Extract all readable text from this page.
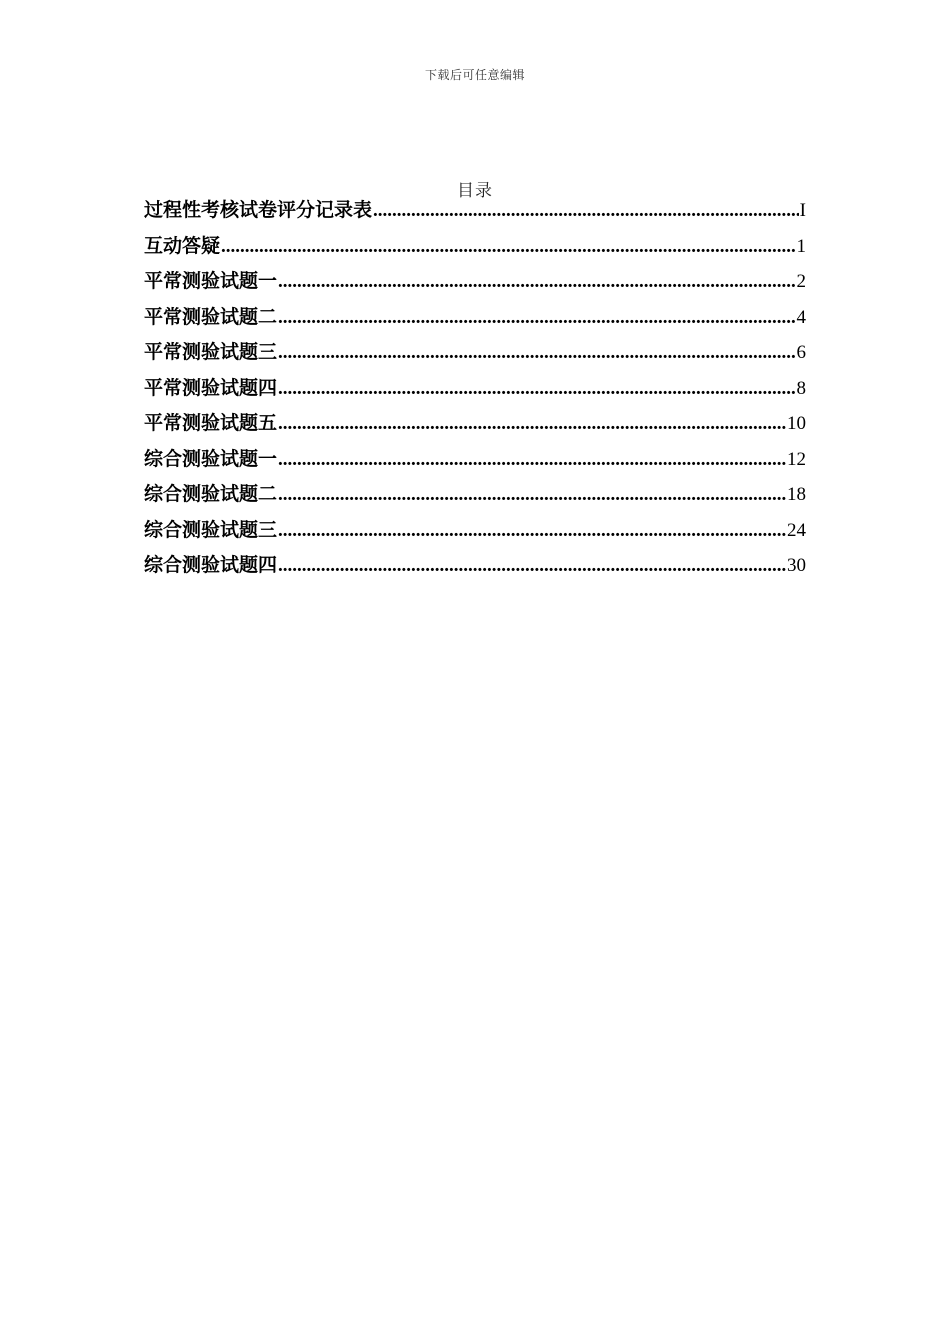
下载后可任意编辑
目录
过程性考核试卷评分记录表 .....	I
互动答疑 .....	1
平常测验试题一 .....	2
平常测验试题二 .....	4
平常测验试题三 .....	6
平常测验试题四 .....	8
平常测验试题五 .....	10
综合测验试题一 .....	12
综合测验试题二 .....	18
综合测验试题三 .....	24
综合测验试题四 .....	30
